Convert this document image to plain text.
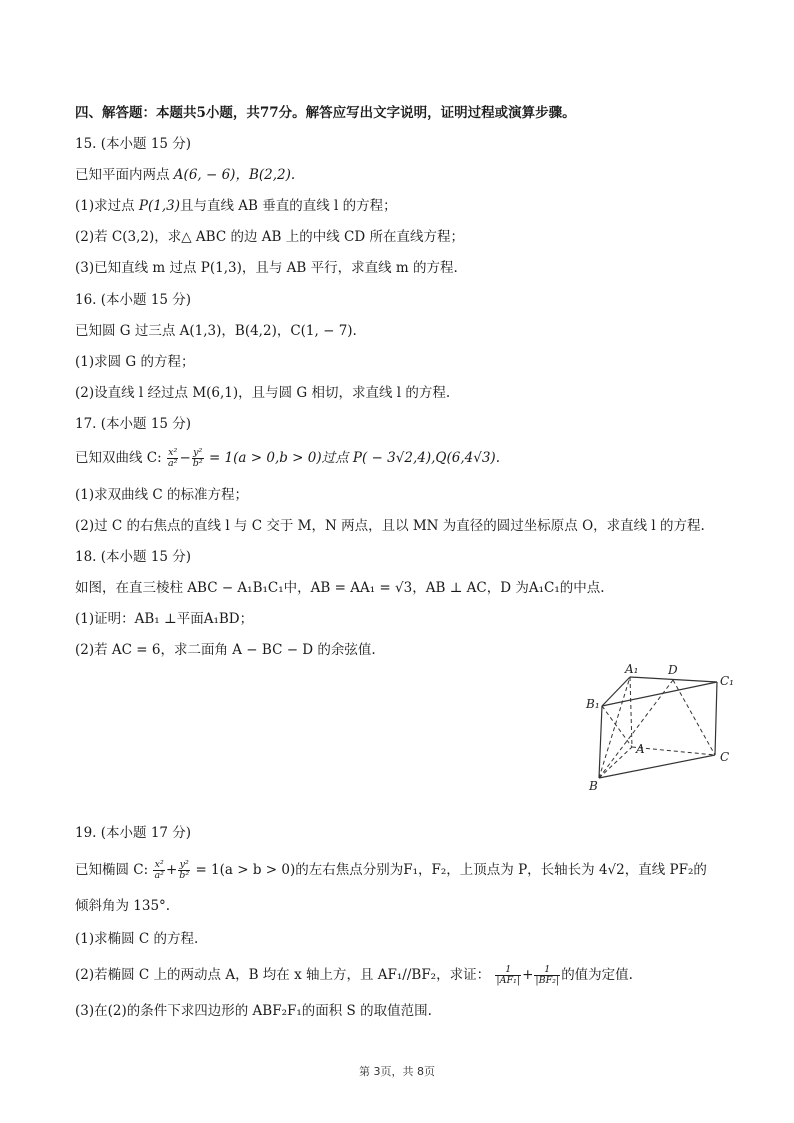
四、解答题：本题共5小题，共77分。解答应写出文字说明，证明过程或演算步骤。
15. (本小题 15 分)
已知平面内两点 A(6, − 6)，B(2,2).
(1)求过点 P(1,3)且与直线 AB 垂直的直线 l 的方程；
(2)若 C(3,2)，求△ ABC 的边 AB 上的中线 CD 所在直线方程；
(3)已知直线 m 过点 P(1,3)，且与 AB 平行，求直线 m 的方程.
16. (本小题 15 分)
已知圆 G 过三点 A(1,3)，B(4,2)，C(1, − 7).
(1)求圆 G 的方程；
(2)设直线 l 经过点 M(6,1)，且与圆 G 相切，求直线 l 的方程.
17. (本小题 15 分)
已知双曲线 C: $\frac{\text{x²}}{\text{a²}} - \frac{\text{y²}}{\text{b²}} = 1(a > 0,b > 0)$过点 P( − 3√2,4),Q(6,4√3).
(1)求双曲线 C 的标准方程；
(2)过 C 的右焦点的直线 l 与 C 交于 M，N 两点，且以 MN 为直径的圆过坐标原点 O，求直线 l 的方程.
18. (本小题 15 分)
如图，在直三棱柱 ABC − A₁B₁C₁中，AB = AA₁ = √3，AB ⊥ AC，D 为A₁C₁的中点.
(1)证明：AB₁ ⊥平面A₁BD；
(2)若 AC = 6，求二面角 A − BC − D 的余弦值.
A₁ D
C₁
B₁
A
C
B
19. (本小题 17 分)
已知椭圆 C: $\frac{\text{x²}}{\text{a²}} + \frac{\text{y²}}{\text{b²}} = 1(a > b > 0)$的左右焦点分别为F₁，F₂，上顶点为 P，长轴长为 4√2，直线 PF₂的
倾斜角为 135°.
(1)求椭圆 C 的方程.
(2)若椭圆 C 上的两动点 A，B 均在 x 轴上方，且 AF₁//BF₂，求证： $\frac{1}{\text{|AF₁|}} + \frac{1}{\text{|BF₂|}}$ 的值为定值.
(3)在(2)的条件下求四边形的 ABF₂F₁的面积 S 的取值范围.
第 3页，共 8页
